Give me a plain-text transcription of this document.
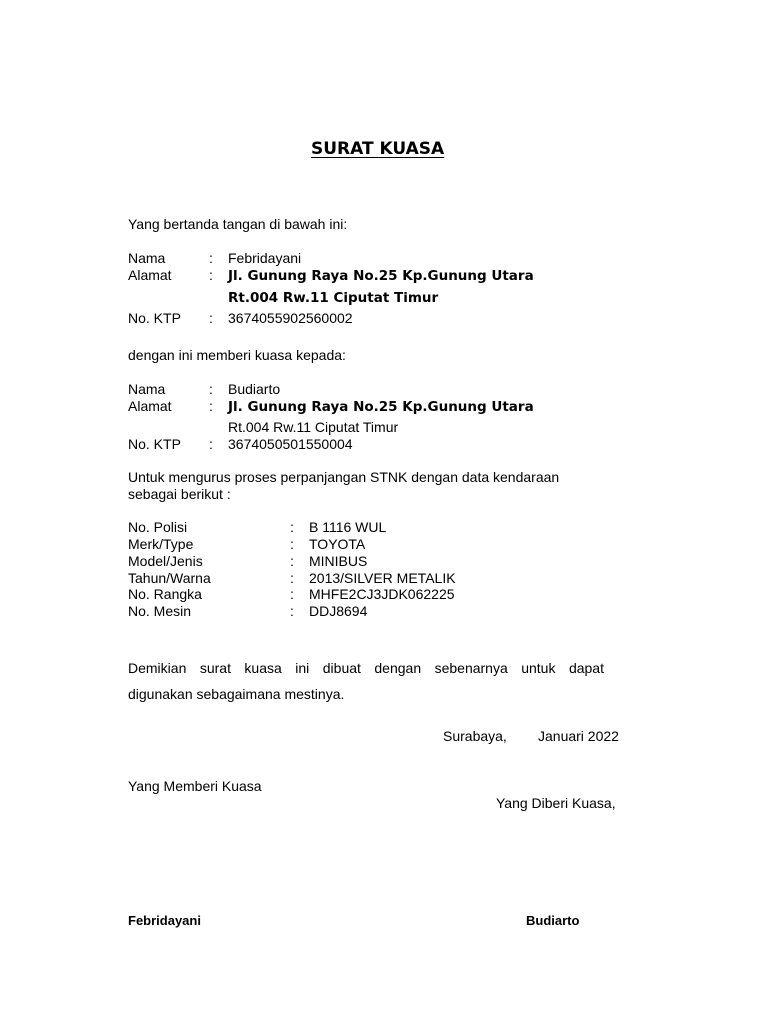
SURAT KUASA
Yang bertanda tangan di bawah ini:
Nama	: Febridayani
Alamat	: Jl. Gunung Raya No.25 Kp.Gunung Utara
Rt.004 Rw.11 Ciputat Timur
No. KTP : 3674055902560002
dengan ini memberi kuasa kepada:
Nama	: Budiarto
Alamat	: Jl. Gunung Raya No.25 Kp.Gunung Utara
Rt.004 Rw.11 Ciputat Timur
No. KTP : 3674050501550004
Untuk mengurus proses perpanjangan STNK dengan data kendaraan
sebagai berikut :
No. Polisi	: B 1116 WUL
Merk/Type	: TOYOTA
Model/Jenis	: MINIBUS
Tahun/Warna	: 2013/SILVER METALIK
No. Rangka	: MHFE2CJ3JDK062225
No. Mesin	: DDJ8694
Demikian surat kuasa ini dibuat dengan sebenarnya untuk dapat
digunakan sebagaimana mestinya.
Surabaya, Januari 2022
Yang Memberi Kuasa
Yang Diberi Kuasa,
Febridayani	Budiarto
